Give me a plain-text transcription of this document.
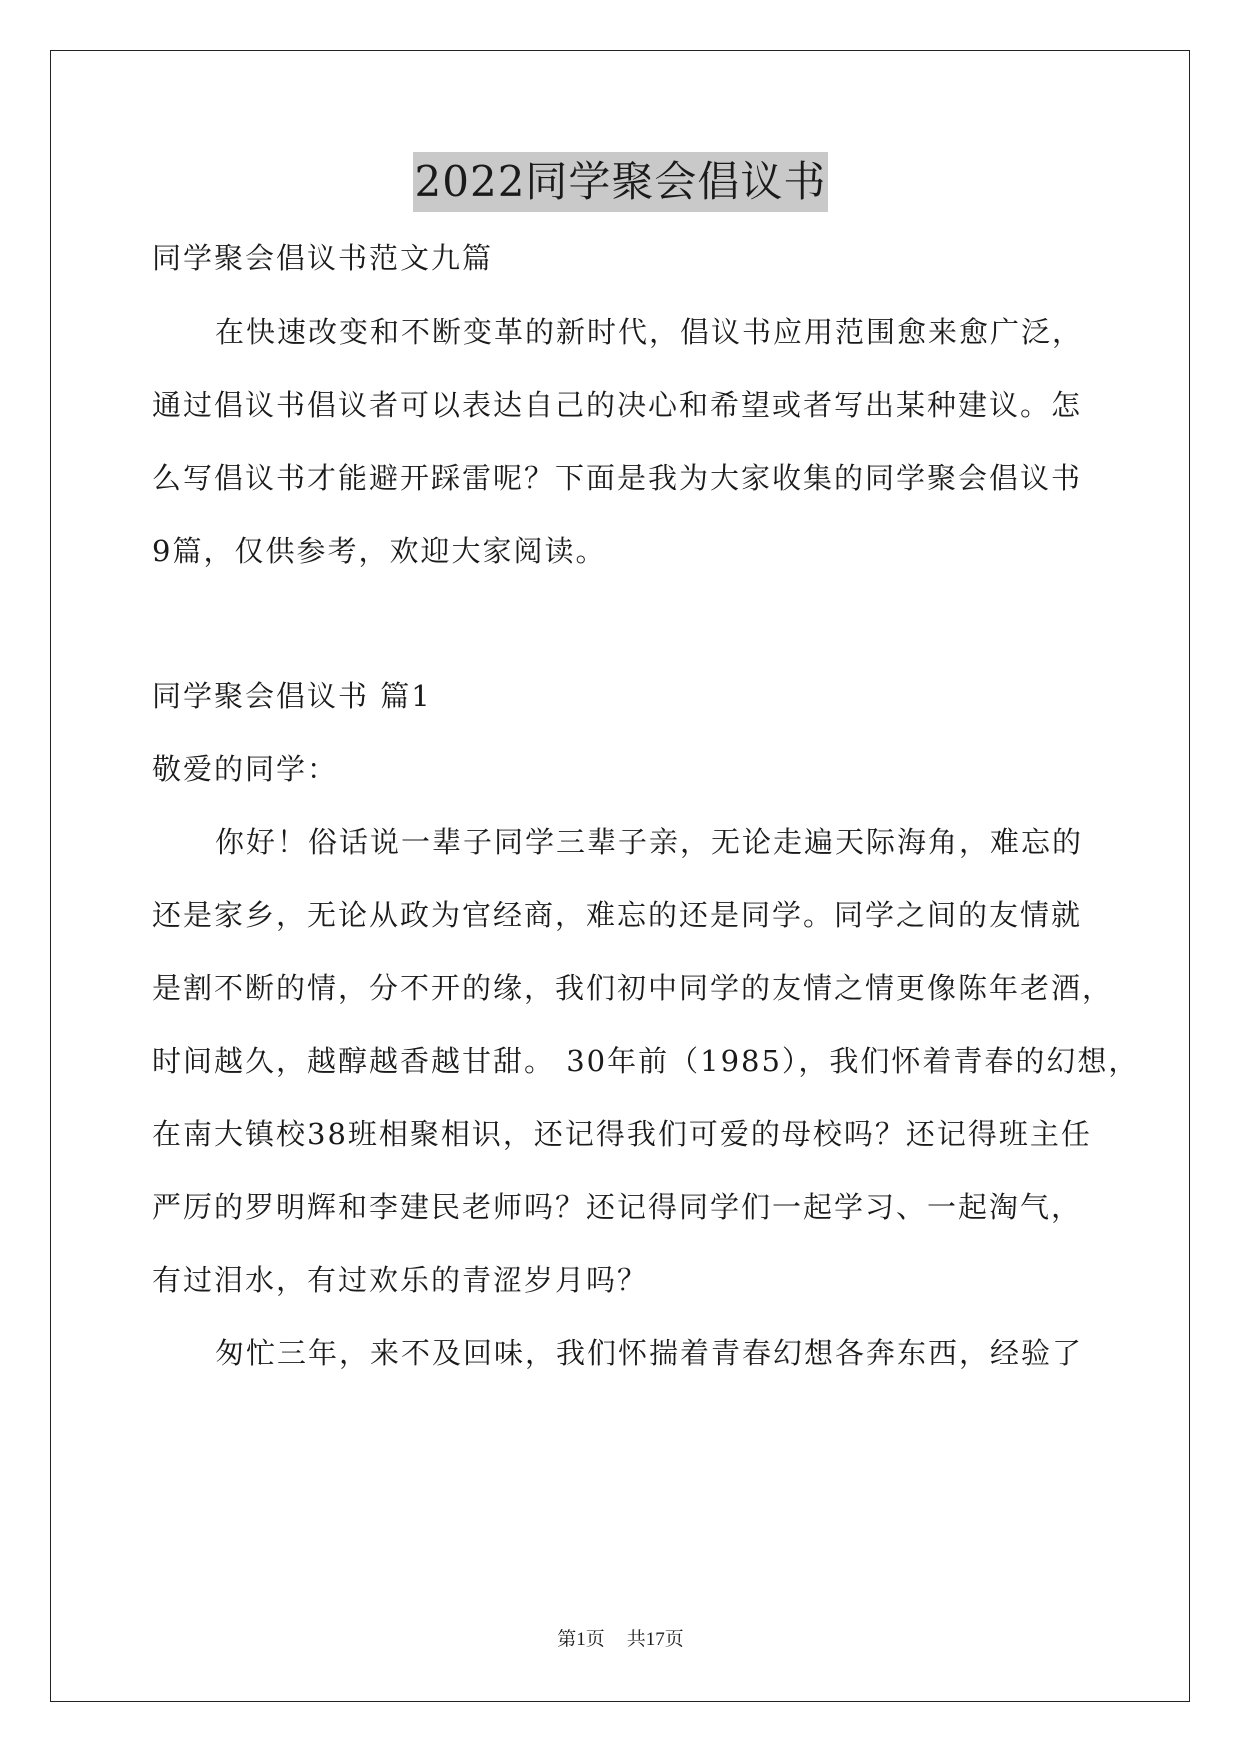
2022同学聚会倡议书
同学聚会倡议书范文九篇
在快速改变和不断变革的新时代，倡议书应用范围愈来愈广泛，
通过倡议书倡议者可以表达自己的决心和希望或者写出某种建议。怎
么写倡议书才能避开踩雷呢？下面是我为大家收集的同学聚会倡议书
9篇，仅供参考，欢迎大家阅读。
同学聚会倡议书 篇1
敬爱的同学：
你好！俗话说一辈子同学三辈子亲，无论走遍天际海角，难忘的
还是家乡，无论从政为官经商，难忘的还是同学。同学之间的友情就
是割不断的情，分不开的缘，我们初中同学的友情之情更像陈年老酒，
时间越久，越醇越香越甘甜。 30年前（1985），我们怀着青春的幻想，
在南大镇校38班相聚相识，还记得我们可爱的母校吗？还记得班主任
严厉的罗明辉和李建民老师吗？还记得同学们一起学习、一起淘气，
有过泪水，有过欢乐的青涩岁月吗？
匆忙三年，来不及回味，我们怀揣着青春幻想各奔东西，经验了
第1页 共17页
